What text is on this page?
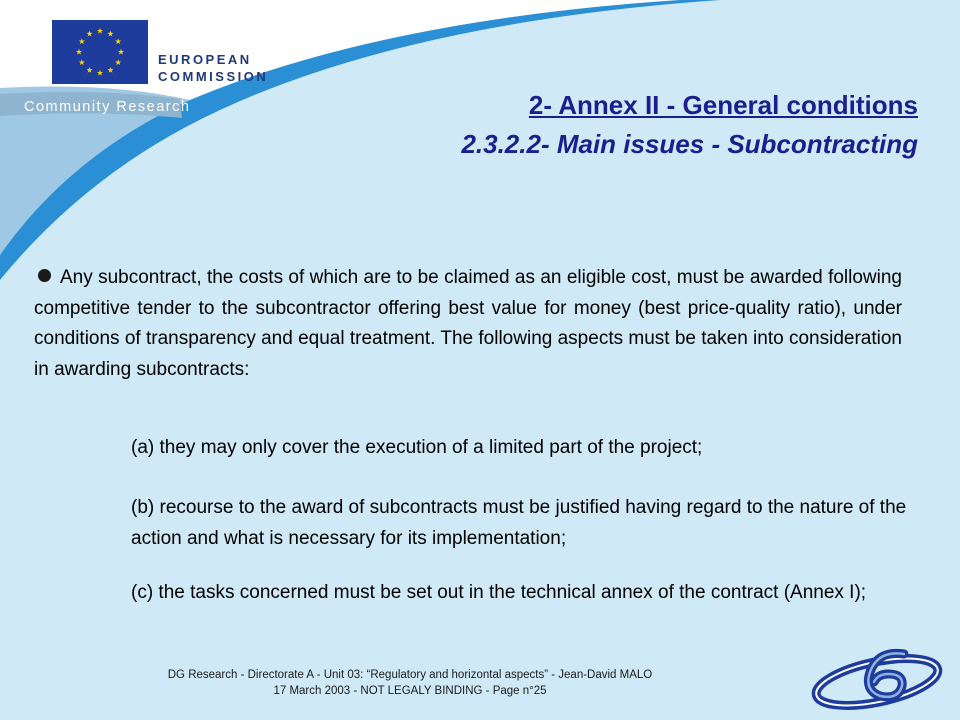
EUROPEAN
COMMISSION
Community Research	2- Annex II - General conditions
2.3.2.2- Main issues - Subcontracting
Any subcontract, the costs of which are to be claimed as an eligible cost, must be awarded following competitive tender to the subcontractor offering best value for money (best price-quality ratio), under conditions of transparency and equal treatment. The following aspects must be taken into consideration in awarding subcontracts:
(a) they may only cover the execution of a limited part of the project;
(b) recourse to the award of subcontracts must be justified having regard to the nature of the action and what is necessary for its implementation;
(c) the tasks concerned must be set out in the technical annex of the contract (Annex I);
DG Research - Directorate A - Unit 03: “Regulatory and horizontal aspects” - Jean-David MALO
17 March 2003 - NOT LEGALY BINDING - Page n°25
